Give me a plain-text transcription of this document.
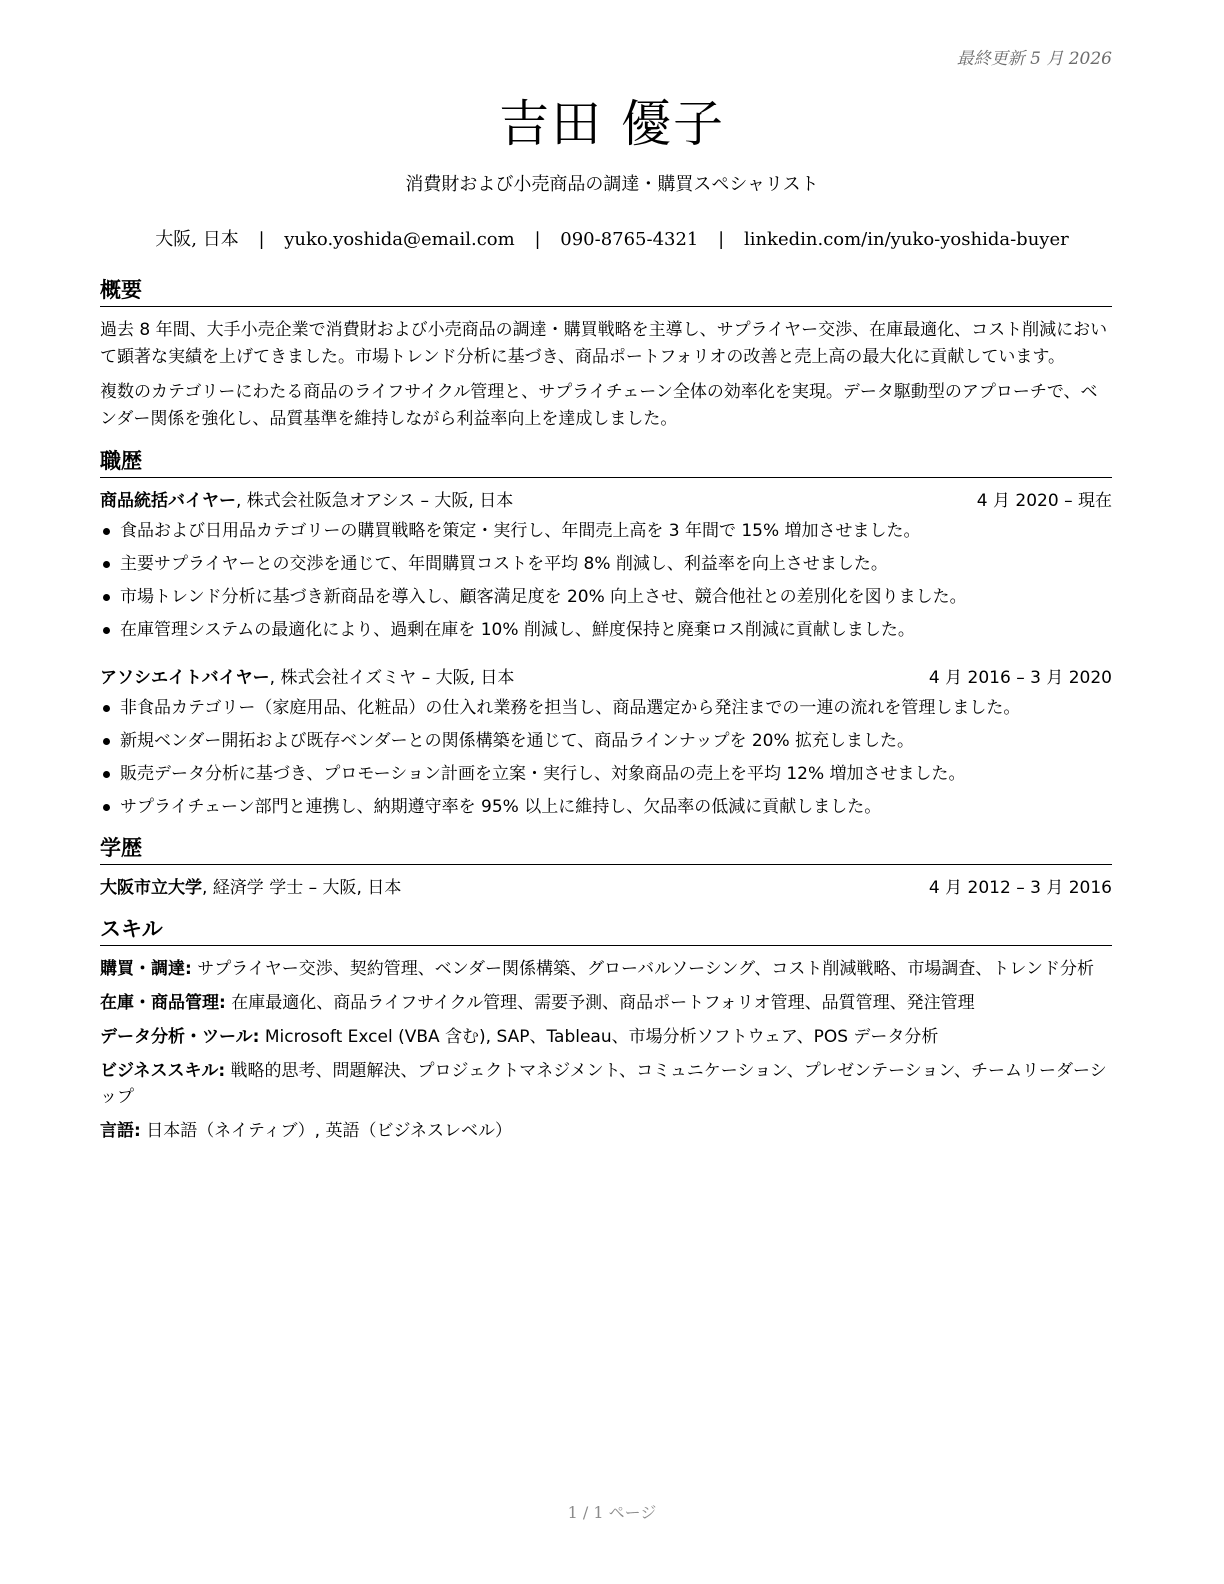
最終更新 5 月 2026
吉田 優子
消費財および小売商品の調達・購買スペシャリスト
大阪, 日本 | yuko.yoshida@email.com | 090-8765-4321 | linkedin.com/in/yuko-yoshida-buyer
概要

過去 8 年間、大手小売企業で消費財および小売商品の調達・購買戦略を主導し、サプライヤー交渉、在庫最適化、コスト削減において顕著な実績を上げてきました。市場トレンド分析に基づき、商品ポートフォリオの改善と売上高の最大化に貢献しています。

複数のカテゴリーにわたる商品のライフサイクル管理と、サプライチェーン全体の効率化を実現。データ駆動型のアプローチで、ベンダー関係を強化し、品質基準を維持しながら利益率向上を達成しました。

職歴
商品統括バイヤー, 株式会社阪急オアシス – 大阪, 日本	4 月 2020 – 現在
食品および日用品カテゴリーの購買戦略を策定・実行し、年間売上高を 3 年間で 15% 増加させました。
主要サプライヤーとの交渉を通じて、年間購買コストを平均 8% 削減し、利益率を向上させました。
市場トレンド分析に基づき新商品を導入し、顧客満足度を 20% 向上させ、競合他社との差別化を図りました。
在庫管理システムの最適化により、過剰在庫を 10% 削減し、鮮度保持と廃棄ロス削減に貢献しました。
アソシエイトバイヤー, 株式会社イズミヤ – 大阪, 日本	4 月 2016 – 3 月 2020
非食品カテゴリー（家庭用品、化粧品）の仕入れ業務を担当し、商品選定から発注までの一連の流れを管理しました。
新規ベンダー開拓および既存ベンダーとの関係構築を通じて、商品ラインナップを 20% 拡充しました。
販売データ分析に基づき、プロモーション計画を立案・実行し、対象商品の売上を平均 12% 増加させました。
サプライチェーン部門と連携し、納期遵守率を 95% 以上に維持し、欠品率の低減に貢献しました。
学歴
大阪市立大学, 経済学 学士 – 大阪, 日本	4 月 2012 – 3 月 2016
スキル
購買・調達: サプライヤー交渉、契約管理、ベンダー関係構築、グローバルソーシング、コスト削減戦略、市場調査、トレンド分析
在庫・商品管理: 在庫最適化、商品ライフサイクル管理、需要予測、商品ポートフォリオ管理、品質管理、発注管理
データ分析・ツール: Microsoft Excel (VBA 含む), SAP、Tableau、市場分析ソフトウェア、POS データ分析
ビジネススキル: 戦略的思考、問題解決、プロジェクトマネジメント、コミュニケーション、プレゼンテーション、チームリーダーシップ
言語: 日本語（ネイティブ）, 英語（ビジネスレベル）
1 / 1 ページ
